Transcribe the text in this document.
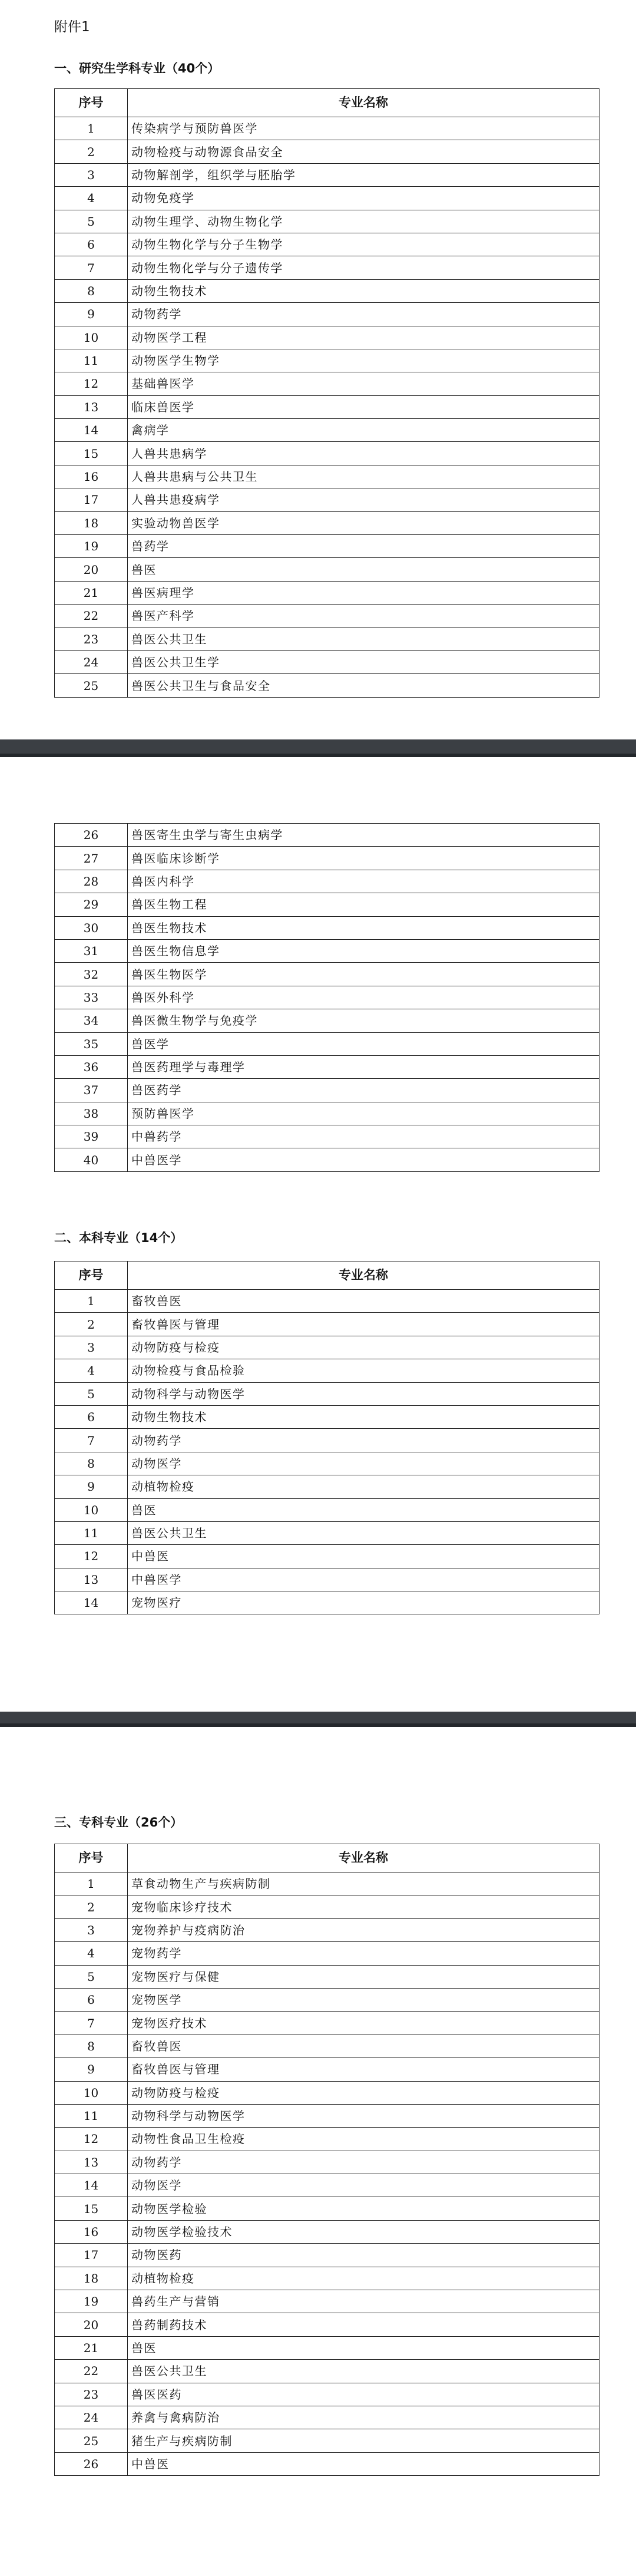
附件1
一、研究生学科专业（40个）
序号	专业名称
1	传染病学与预防兽医学
2	动物检疫与动物源食品安全
3	动物解剖学，组织学与胚胎学
4	动物免疫学
5	动物生理学、动物生物化学
6	动物生物化学与分子生物学
7	动物生物化学与分子遗传学
8	动物生物技术
9	动物药学
10	动物医学工程
11	动物医学生物学
12	基础兽医学
13	临床兽医学
14	禽病学
15	人兽共患病学
16	人兽共患病与公共卫生
17	人兽共患疫病学
18	实验动物兽医学
19	兽药学
20	兽医
21	兽医病理学
22	兽医产科学
23	兽医公共卫生
24	兽医公共卫生学
25	兽医公共卫生与食品安全
26	兽医寄生虫学与寄生虫病学
27	兽医临床诊断学
28	兽医内科学
29	兽医生物工程
30	兽医生物技术
31	兽医生物信息学
32	兽医生物医学
33	兽医外科学
34	兽医微生物学与免疫学
35	兽医学
36	兽医药理学与毒理学
37	兽医药学
38	预防兽医学
39	中兽药学
40	中兽医学
二、本科专业（14个）
序号	专业名称
1	畜牧兽医
2	畜牧兽医与管理
3	动物防疫与检疫
4	动物检疫与食品检验
5	动物科学与动物医学
6	动物生物技术
7	动物药学
8	动物医学
9	动植物检疫
10	兽医
11	兽医公共卫生
12	中兽医
13	中兽医学
14	宠物医疗
三、专科专业（26个）
序号	专业名称
1	草食动物生产与疾病防制
2	宠物临床诊疗技术
3	宠物养护与疫病防治
4	宠物药学
5	宠物医疗与保健
6	宠物医学
7	宠物医疗技术
8	畜牧兽医
9	畜牧兽医与管理
10	动物防疫与检疫
11	动物科学与动物医学
12	动物性食品卫生检疫
13	动物药学
14	动物医学
15	动物医学检验
16	动物医学检验技术
17	动物医药
18	动植物检疫
19	兽药生产与营销
20	兽药制药技术
21	兽医
22	兽医公共卫生
23	兽医医药
24	养禽与禽病防治
25	猪生产与疾病防制
26	中兽医
